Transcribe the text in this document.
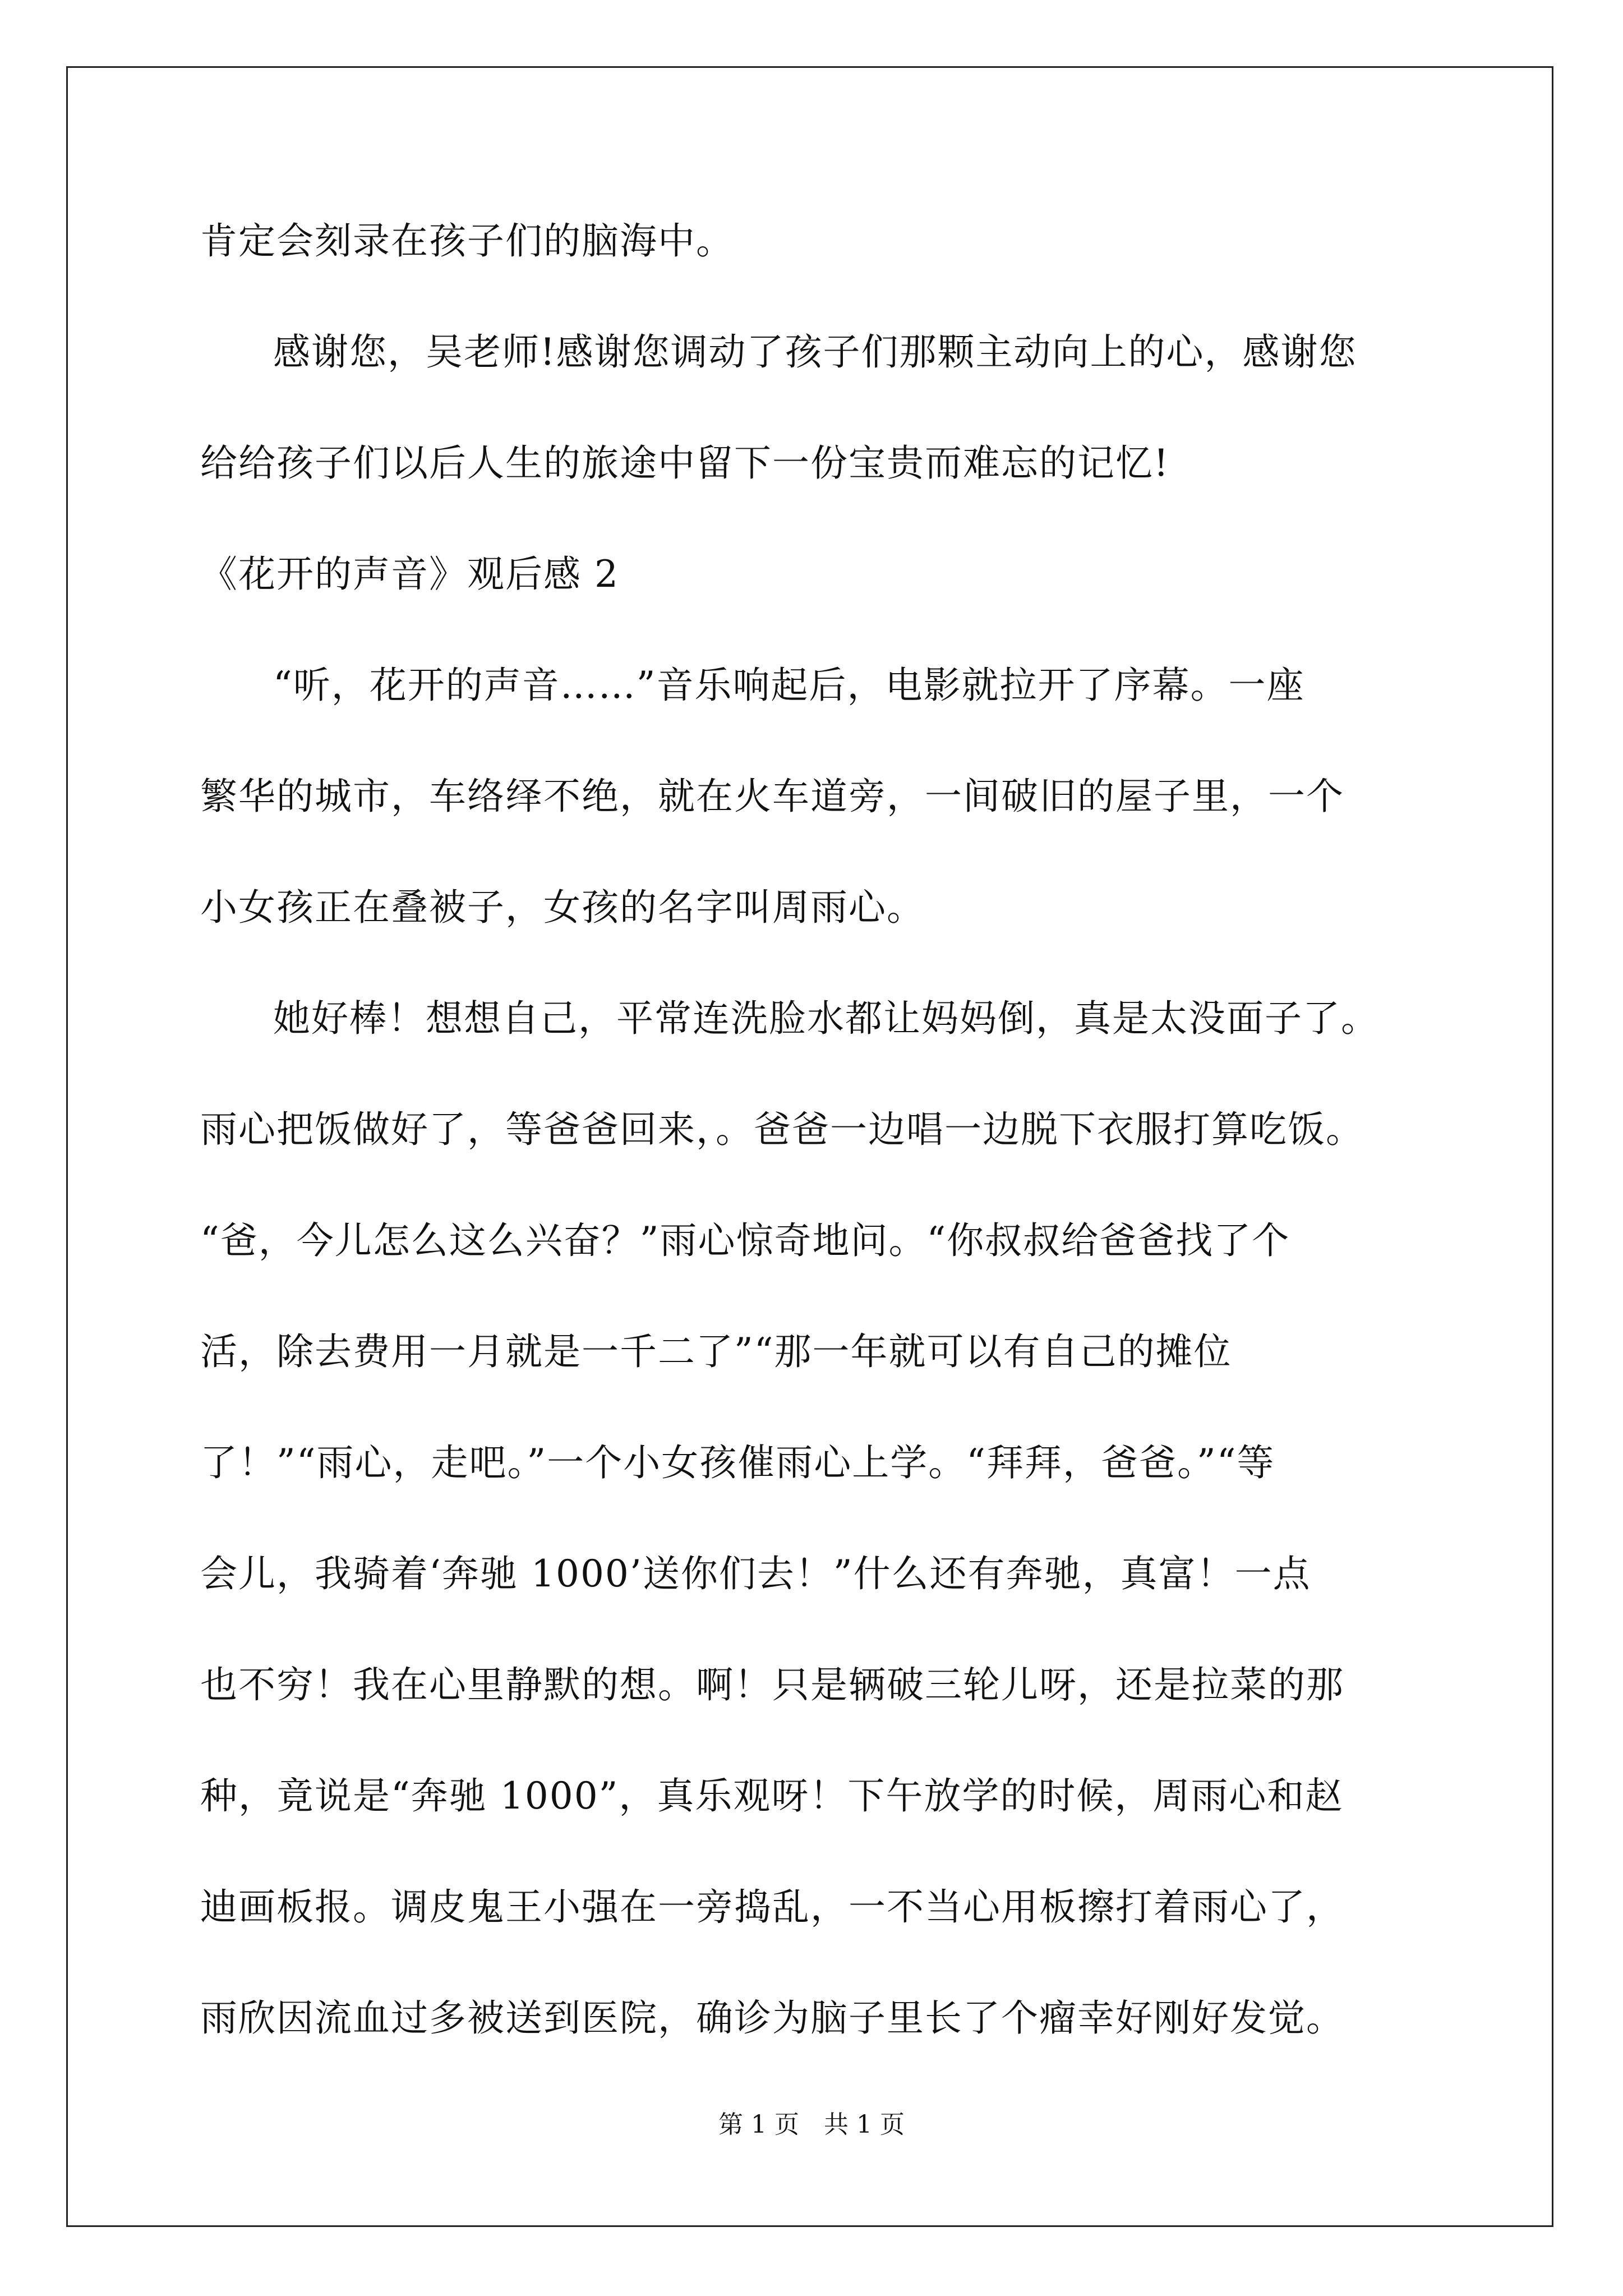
肯定会刻录在孩子们的脑海中。
感谢您，吴老师!感谢您调动了孩子们那颗主动向上的心，感谢您
给给孩子们以后人生的旅途中留下一份宝贵而难忘的记忆!
《花开的声音》观后感 2
“听，花开的声音……”音乐响起后，电影就拉开了序幕。一座
繁华的城市，车络绎不绝，就在火车道旁，一间破旧的屋子里，一个
小女孩正在叠被子，女孩的名字叫周雨心。
她好棒！想想自己，平常连洗脸水都让妈妈倒，真是太没面子了。
雨心把饭做好了，等爸爸回来，。爸爸一边唱一边脱下衣服打算吃饭。
“爸，今儿怎么这么兴奋？”雨心惊奇地问。“你叔叔给爸爸找了个
活，除去费用一月就是一千二了”“那一年就可以有自己的摊位
了！”“雨心，走吧。”一个小女孩催雨心上学。“拜拜，爸爸。”“等
会儿，我骑着‘奔驰 1000’送你们去！”什么还有奔驰，真富！一点
也不穷！我在心里静默的想。啊！只是辆破三轮儿呀，还是拉菜的那
种，竟说是“奔驰 1000”，真乐观呀！下午放学的时候，周雨心和赵
迪画板报。调皮鬼王小强在一旁捣乱，一不当心用板擦打着雨心了，
雨欣因流血过多被送到医院，确诊为脑子里长了个瘤幸好刚好发觉。
第 1 页　共 1 页
